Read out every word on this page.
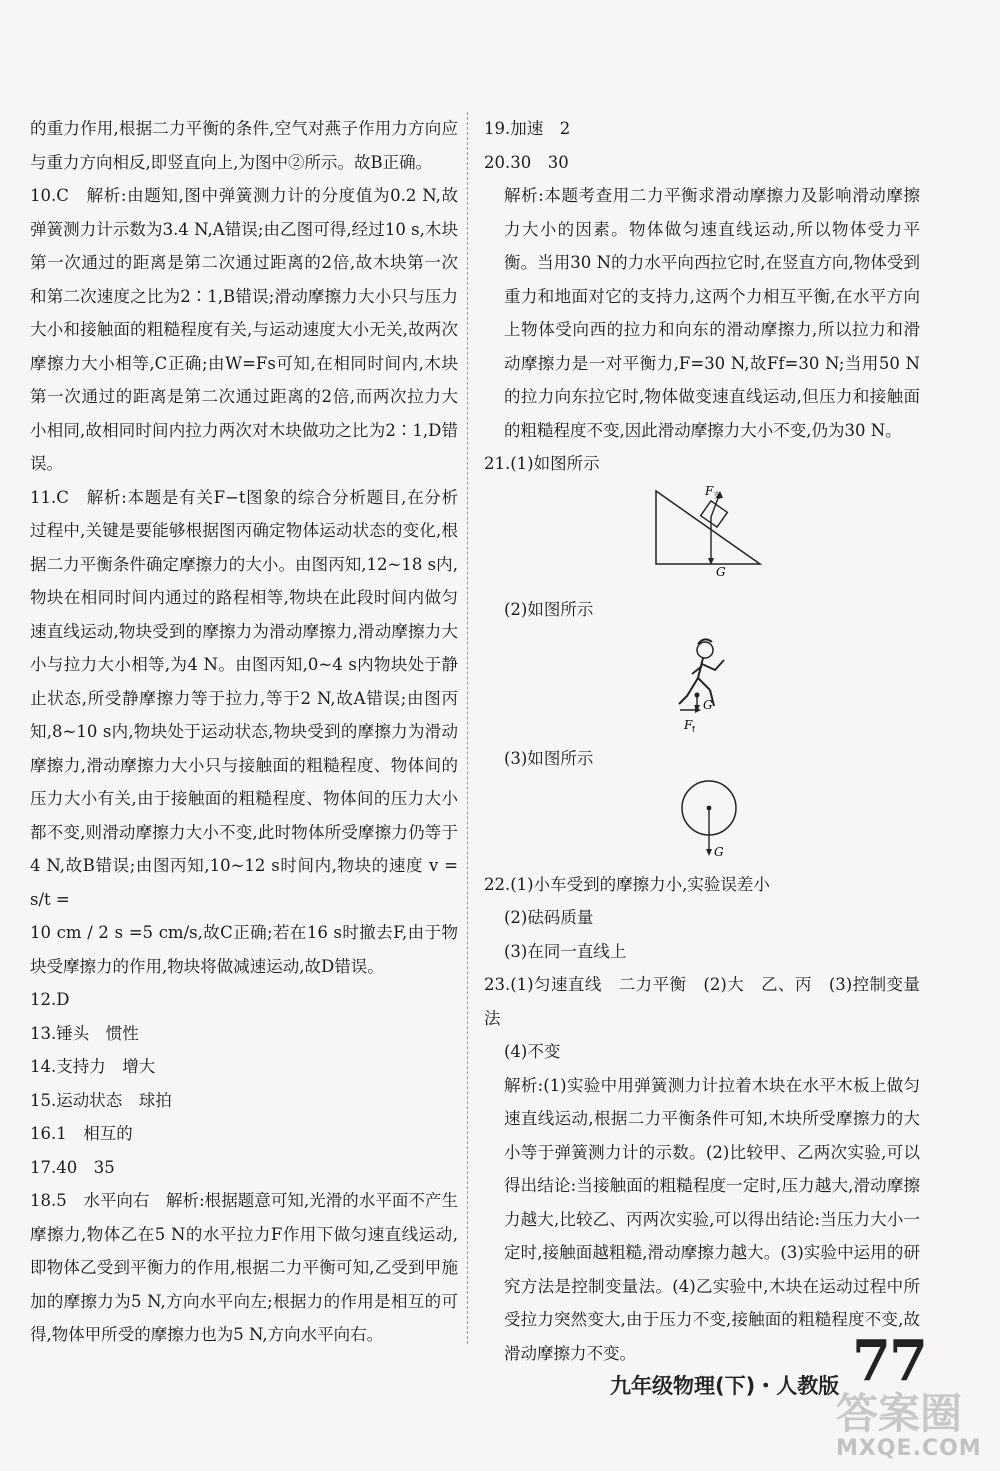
的重力作用,根据二力平衡的条件,空气对燕子作用力方向应与重力方向相反,即竖直向上,为图中②所示。故B正确。

10.C　解析:由题知,图中弹簧测力计的分度值为0.2 N,故弹簧测力计示数为3.4 N,A错误;由乙图可得,经过10 s,木块第一次通过的距离是第二次通过距离的2倍,故木块第一次和第二次速度之比为2∶1,B错误;滑动摩擦力大小只与压力大小和接触面的粗糙程度有关,与运动速度大小无关,故两次摩擦力大小相等,C正确;由W=Fs可知,在相同时间内,木块第一次通过的距离是第二次通过距离的2倍,而两次拉力大小相同,故相同时间内拉力两次对木块做功之比为2∶1,D错误。

11.C　解析:本题是有关F−t图象的综合分析题目,在分析过程中,关键是要能够根据图丙确定物体运动状态的变化,根据二力平衡条件确定摩擦力的大小。由图丙知,12~18 s内,物块在相同时间内通过的路程相等,物块在此段时间内做匀速直线运动,物块受到的摩擦力为滑动摩擦力,滑动摩擦力大小与拉力大小相等,为4 N。由图丙知,0~4 s内物块处于静止状态,所受静摩擦力等于拉力,等于2 N,故A错误;由图丙知,8~10 s内,物块处于运动状态,物块受到的摩擦力为滑动摩擦力,滑动摩擦力大小只与接触面的粗糙程度、物体间的压力大小有关,由于接触面的粗糙程度、物体间的压力大小都不变,则滑动摩擦力大小不变,此时物体所受摩擦力仍等于4 N,故B错误;由图丙知,10~12 s时间内,物块的速度 v = s/t =

10 cm / 2 s =5 cm/s,故C正确;若在16 s时撤去F,由于物块受摩擦力的作用,物块将做减速运动,故D错误。

12.D

13.锤头　惯性

14.支持力　增大

15.运动状态　球拍

16.1　相互的

17.40　35

18.5　水平向右　解析:根据题意可知,光滑的水平面不产生摩擦力,物体乙在5 N的水平拉力F作用下做匀速直线运动,即物体乙受到平衡力的作用,根据二力平衡可知,乙受到甲施加的摩擦力为5 N,方向水平向左;根据力的作用是相互的可得,物体甲所受的摩擦力也为5 N,方向水平向右。

19.加速　2

20.30　30

解析:本题考查用二力平衡求滑动摩擦力及影响滑动摩擦力大小的因素。物体做匀速直线运动,所以物体受力平衡。当用30 N的力水平向西拉它时,在竖直方向,物体受到重力和地面对它的支持力,这两个力相互平衡,在水平方向上物体受向西的拉力和向东的滑动摩擦力,所以拉力和滑动摩擦力是一对平衡力,F=30 N,故Ff=30 N;当用50 N的拉力向东拉它时,物体做变速直线运动,但压力和接触面的粗糙程度不变,因此滑动摩擦力大小不变,仍为30 N。

21.(1)如图所示

F 支
G

(2)如图所示

G
F f

(3)如图所示

G

22.(1)小车受到的摩擦力小,实验误差小

(2)砝码质量

(3)在同一直线上

23.(1)匀速直线　二力平衡　(2)大　乙、丙　(3)控制变量法

(4)不变

解析:(1)实验中用弹簧测力计拉着木块在水平木板上做匀速直线运动,根据二力平衡条件可知,木块所受摩擦力的大小等于弹簧测力计的示数。(2)比较甲、乙两次实验,可以得出结论:当接触面的粗糙程度一定时,压力越大,滑动摩擦力越大,比较乙、丙两次实验,可以得出结论:当压力大小一定时,接触面越粗糙,滑动摩擦力越大。(3)实验中运用的研究方法是控制变量法。(4)乙实验中,木块在运动过程中所受拉力突然变大,由于压力不变,接触面的粗糙程度不变,故滑动摩擦力不变。	77
九年级物理(下)・人教版
答案圈
MXQE.COM
